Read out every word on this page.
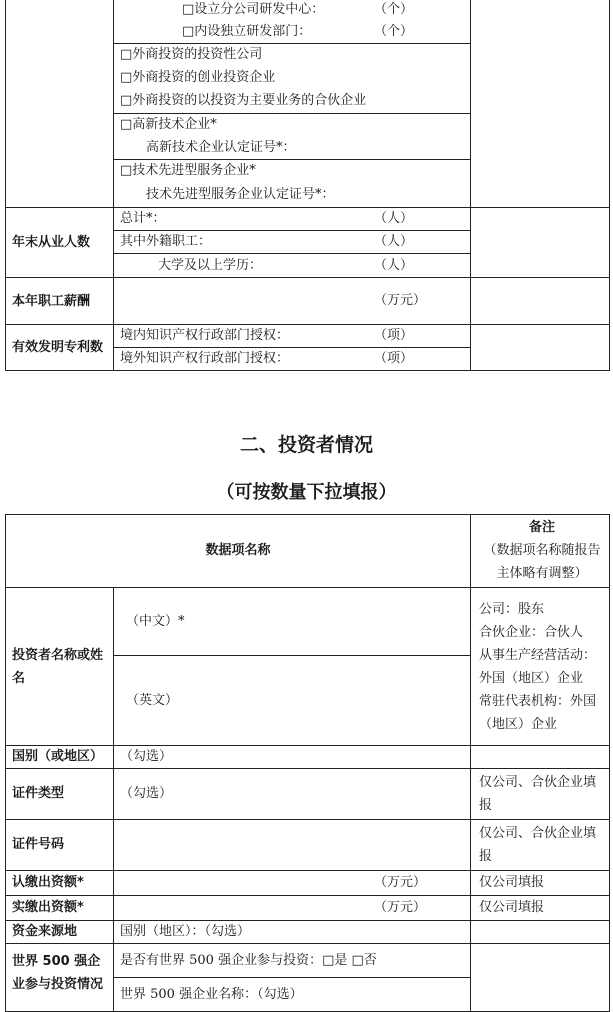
	□设立分公司研发中心： （个）	

	□内设独立研发部门： （个）	

	□外商投资的投资性公司	
	□外商投资的创业投资企业	
	□外商投资的以投资为主要业务的合伙企业	
	□高新技术企业*	

	高新技术企业认定证号*：	

	□技术先进型服务企业*	

	技术先进型服务企业认定证号*：	

年末从业人数	总计*： （人）	

	其中外籍职工： （人）	

	大学及以上学历： （人）	

本年职工薪酬	（万元）	

有效发明专利数	境内知识产权行政部门授权： （项）	

	境外知识产权行政部门授权： （项）	
二、投资者情况
（可按数量下拉填报）
数据项名称		备注
（数据项名称随报告主体略有调整）

投资者名称或姓名	（中文）*	公司：股东
合伙企业：合伙人
从事生产经营活动：外国（地区）企业
常驻代表机构：外国（地区）企业
	（英文）	
国别（或地区）	（勾选）	
证件类型	（勾选）	仅公司、合伙企业填报
证件号码		仅公司、合伙企业填报
认缴出资额*	（万元）	仅公司填报
实缴出资额*	（万元）	仅公司填报
资金来源地	国别（地区）：（勾选）	
世界 500 强企业参与投资情况	是否有世界 500 强企业参与投资：□是 □否	
	世界 500 强企业名称：（勾选）	
